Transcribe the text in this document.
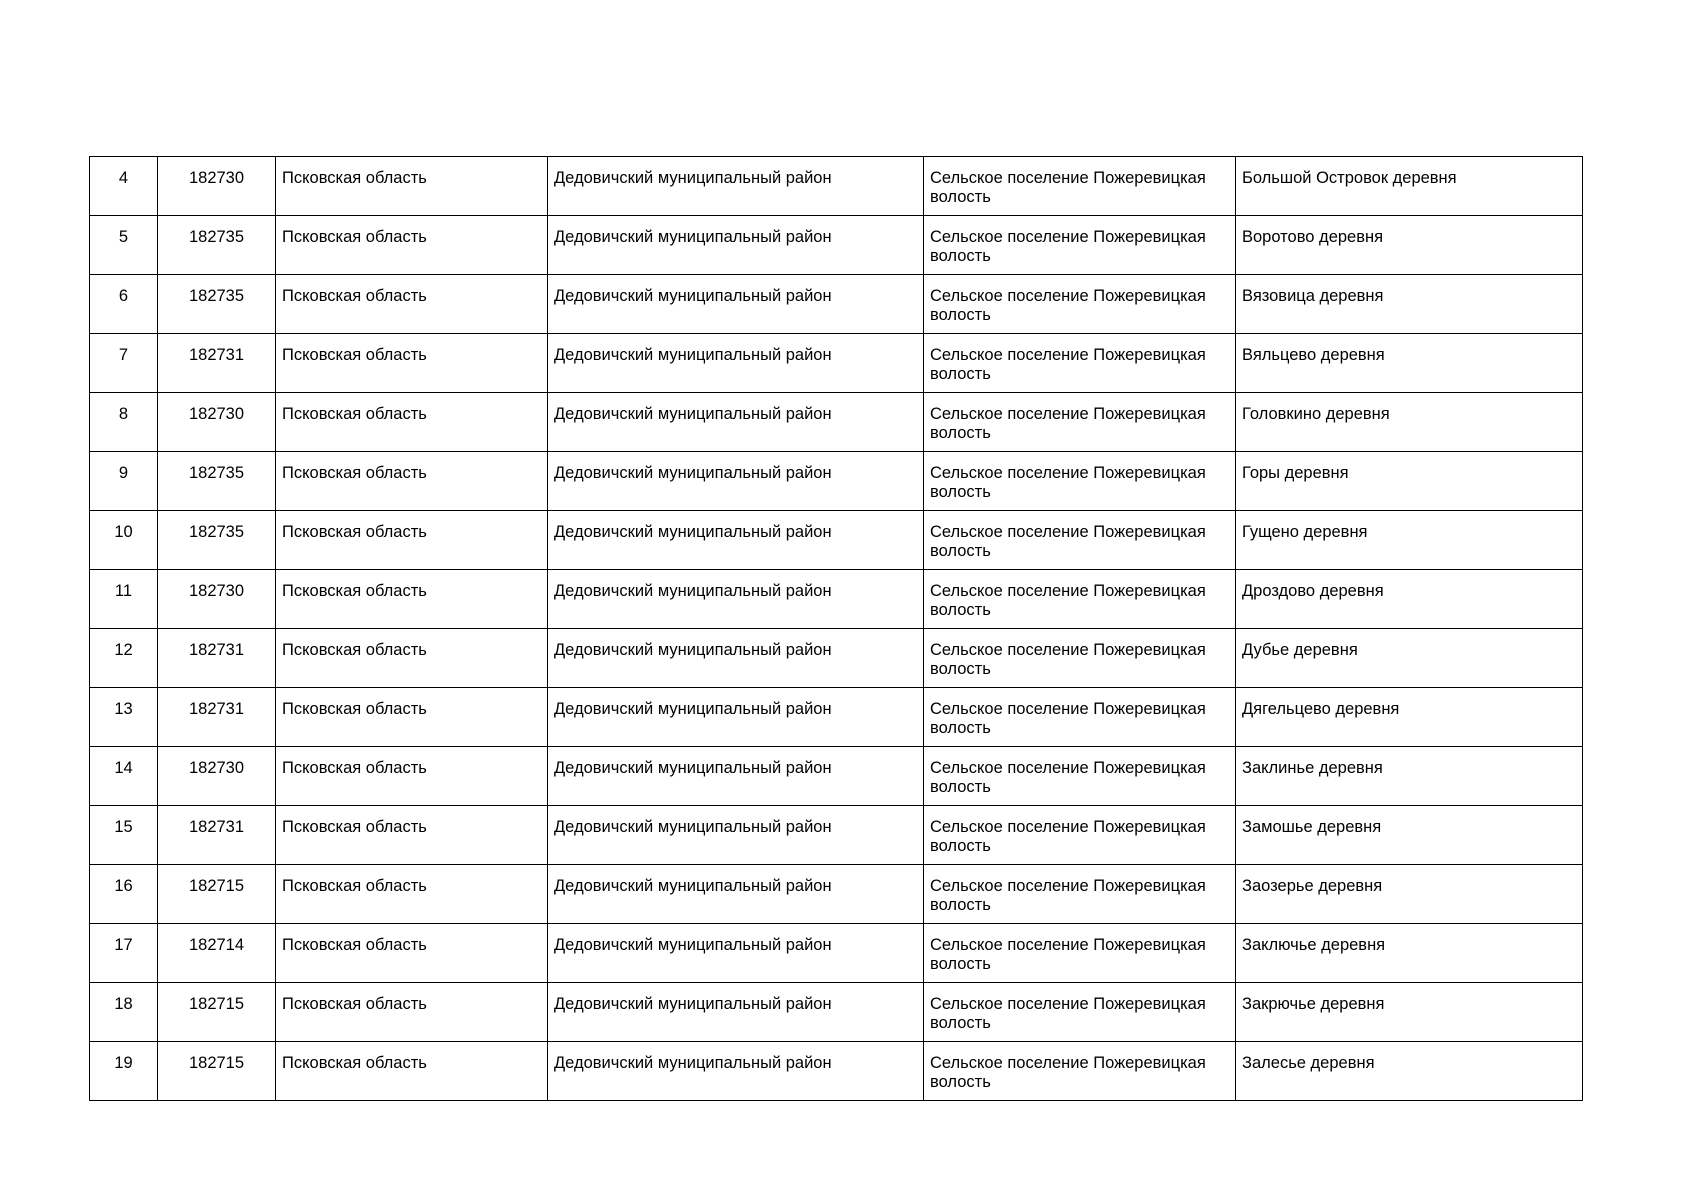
4	182730	Псковская область	Дедовичский муниципальный район	Сельское поселение Пожеревицкая волость	Большой Островок деревня
5	182735	Псковская область	Дедовичский муниципальный район	Сельское поселение Пожеревицкая волость	Воротово деревня
6	182735	Псковская область	Дедовичский муниципальный район	Сельское поселение Пожеревицкая волость	Вязовица деревня
7	182731	Псковская область	Дедовичский муниципальный район	Сельское поселение Пожеревицкая волость	Вяльцево деревня
8	182730	Псковская область	Дедовичский муниципальный район	Сельское поселение Пожеревицкая волость	Головкино деревня
9	182735	Псковская область	Дедовичский муниципальный район	Сельское поселение Пожеревицкая волость	Горы деревня
10	182735	Псковская область	Дедовичский муниципальный район	Сельское поселение Пожеревицкая волость	Гущено деревня
11	182730	Псковская область	Дедовичский муниципальный район	Сельское поселение Пожеревицкая волость	Дроздово деревня
12	182731	Псковская область	Дедовичский муниципальный район	Сельское поселение Пожеревицкая волость	Дубье деревня
13	182731	Псковская область	Дедовичский муниципальный район	Сельское поселение Пожеревицкая волость	Дягельцево деревня
14	182730	Псковская область	Дедовичский муниципальный район	Сельское поселение Пожеревицкая волость	Заклинье деревня
15	182731	Псковская область	Дедовичский муниципальный район	Сельское поселение Пожеревицкая волость	Замошье деревня
16	182715	Псковская область	Дедовичский муниципальный район	Сельское поселение Пожеревицкая волость	Заозерье деревня
17	182714	Псковская область	Дедовичский муниципальный район	Сельское поселение Пожеревицкая волость	Заключье деревня
18	182715	Псковская область	Дедовичский муниципальный район	Сельское поселение Пожеревицкая волость	Закрючье деревня
19	182715	Псковская область	Дедовичский муниципальный район	Сельское поселение Пожеревицкая волость	Залесье деревня
